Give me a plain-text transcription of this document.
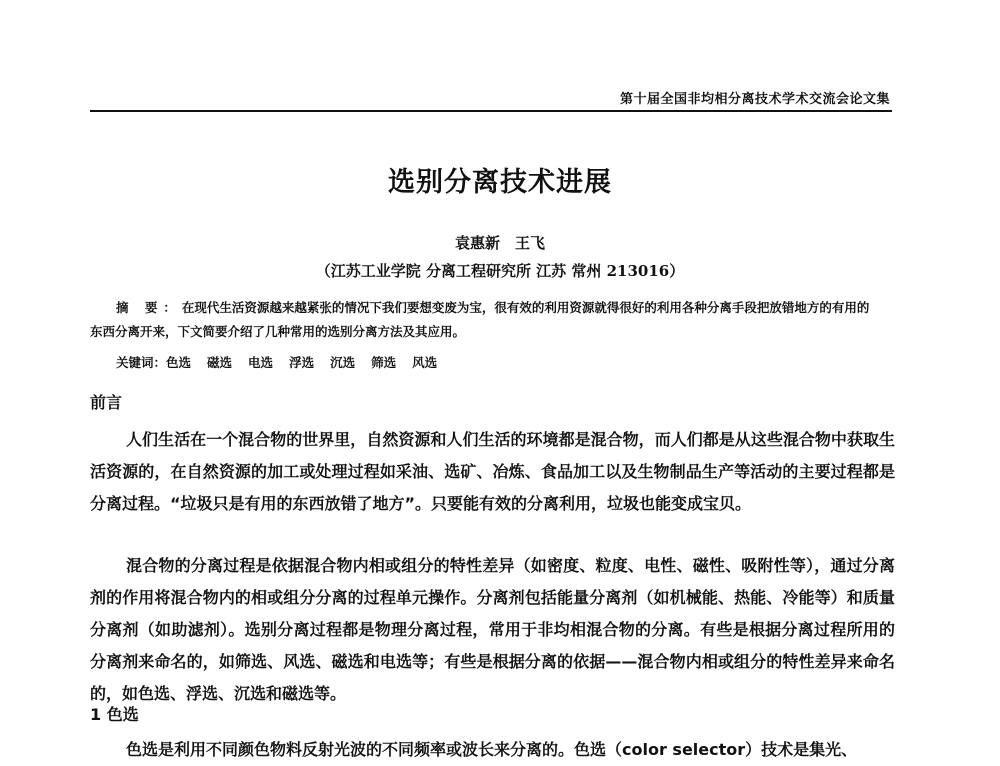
第十届全国非均相分离技术学术交流会论文集
选别分离技术进展
袁惠新　王飞
（江苏工业学院 分离工程研究所 江苏 常州 213016）
摘 要：在现代生活资源越来越紧张的情况下我们要想变废为宝，很有效的利用资源就得很好的利用各种分离手段把放错地方的有用的东西分离开来，下文简要介绍了几种常用的选别分离方法及其应用。
关键词：色选 磁选 电选 浮选 沉选 筛选 风选
前言

人们生活在一个混合物的世界里，自然资源和人们生活的环境都是混合物，而人们都是从这些混合物中获取生活资源的，在自然资源的加工或处理过程如采油、选矿、冶炼、食品加工以及生物制品生产等活动的主要过程都是分离过程。“垃圾只是有用的东西放错了地方”。只要能有效的分离利用，垃圾也能变成宝贝。

混合物的分离过程是依据混合物内相或组分的特性差异（如密度、粒度、电性、磁性、吸附性等），通过分离剂的作用将混合物内的相或组分分离的过程单元操作。分离剂包括能量分离剂（如机械能、热能、冷能等）和质量分离剂（如助滤剂）。选别分离过程都是物理分离过程，常用于非均相混合物的分离。有些是根据分离过程所用的分离剂来命名的，如筛选、风选、磁选和电选等；有些是根据分离的依据——混合物内相或组分的特性差异来命名的，如色选、浮选、沉选和磁选等。

1 色选

色选是利用不同颜色物料反射光波的不同频率或波长来分离的。色选（color selector）技术是集光、
